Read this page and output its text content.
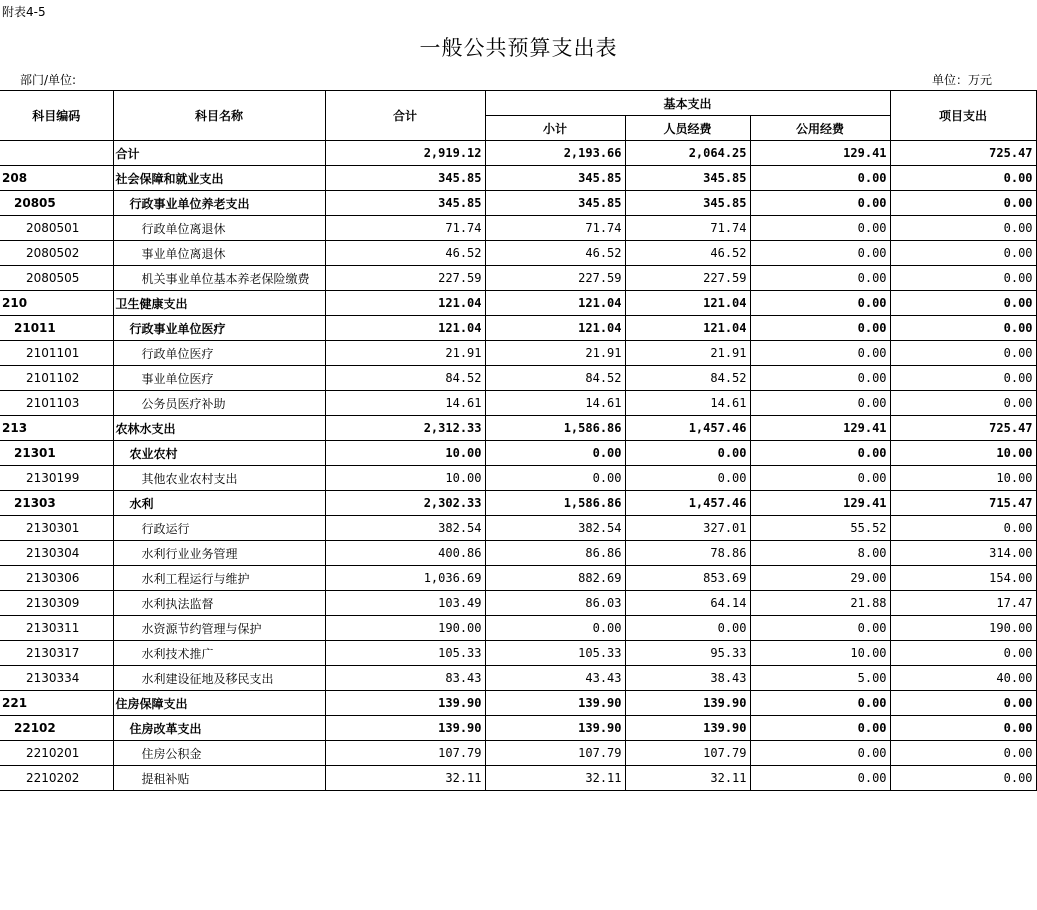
附表4-5
一般公共预算支出表
部门/单位:	单位：万元
科目编码	科目名称	合计	基本支出			项目支出
			小计	人员经费	公用经费	
	合计	2,919.12	2,193.66	2,064.25	129.41	725.47
208	社会保障和就业支出	345.85	345.85	345.85	0.00	0.00
20805	行政事业单位养老支出	345.85	345.85	345.85	0.00	0.00
2080501	行政单位离退休	71.74	71.74	71.74	0.00	0.00
2080502	事业单位离退休	46.52	46.52	46.52	0.00	0.00
2080505	机关事业单位基本养老保险缴费	227.59	227.59	227.59	0.00	0.00
210	卫生健康支出	121.04	121.04	121.04	0.00	0.00
21011	行政事业单位医疗	121.04	121.04	121.04	0.00	0.00
2101101	行政单位医疗	21.91	21.91	21.91	0.00	0.00
2101102	事业单位医疗	84.52	84.52	84.52	0.00	0.00
2101103	公务员医疗补助	14.61	14.61	14.61	0.00	0.00
213	农林水支出	2,312.33	1,586.86	1,457.46	129.41	725.47
21301	农业农村	10.00	0.00	0.00	0.00	10.00
2130199	其他农业农村支出	10.00	0.00	0.00	0.00	10.00
21303	水利	2,302.33	1,586.86	1,457.46	129.41	715.47
2130301	行政运行	382.54	382.54	327.01	55.52	0.00
2130304	水利行业业务管理	400.86	86.86	78.86	8.00	314.00
2130306	水利工程运行与维护	1,036.69	882.69	853.69	29.00	154.00
2130309	水利执法监督	103.49	86.03	64.14	21.88	17.47
2130311	水资源节约管理与保护	190.00	0.00	0.00	0.00	190.00
2130317	水利技术推广	105.33	105.33	95.33	10.00	0.00
2130334	水利建设征地及移民支出	83.43	43.43	38.43	5.00	40.00
221	住房保障支出	139.90	139.90	139.90	0.00	0.00
22102	住房改革支出	139.90	139.90	139.90	0.00	0.00
2210201	住房公积金	107.79	107.79	107.79	0.00	0.00
2210202	提租补贴	32.11	32.11	32.11	0.00	0.00
